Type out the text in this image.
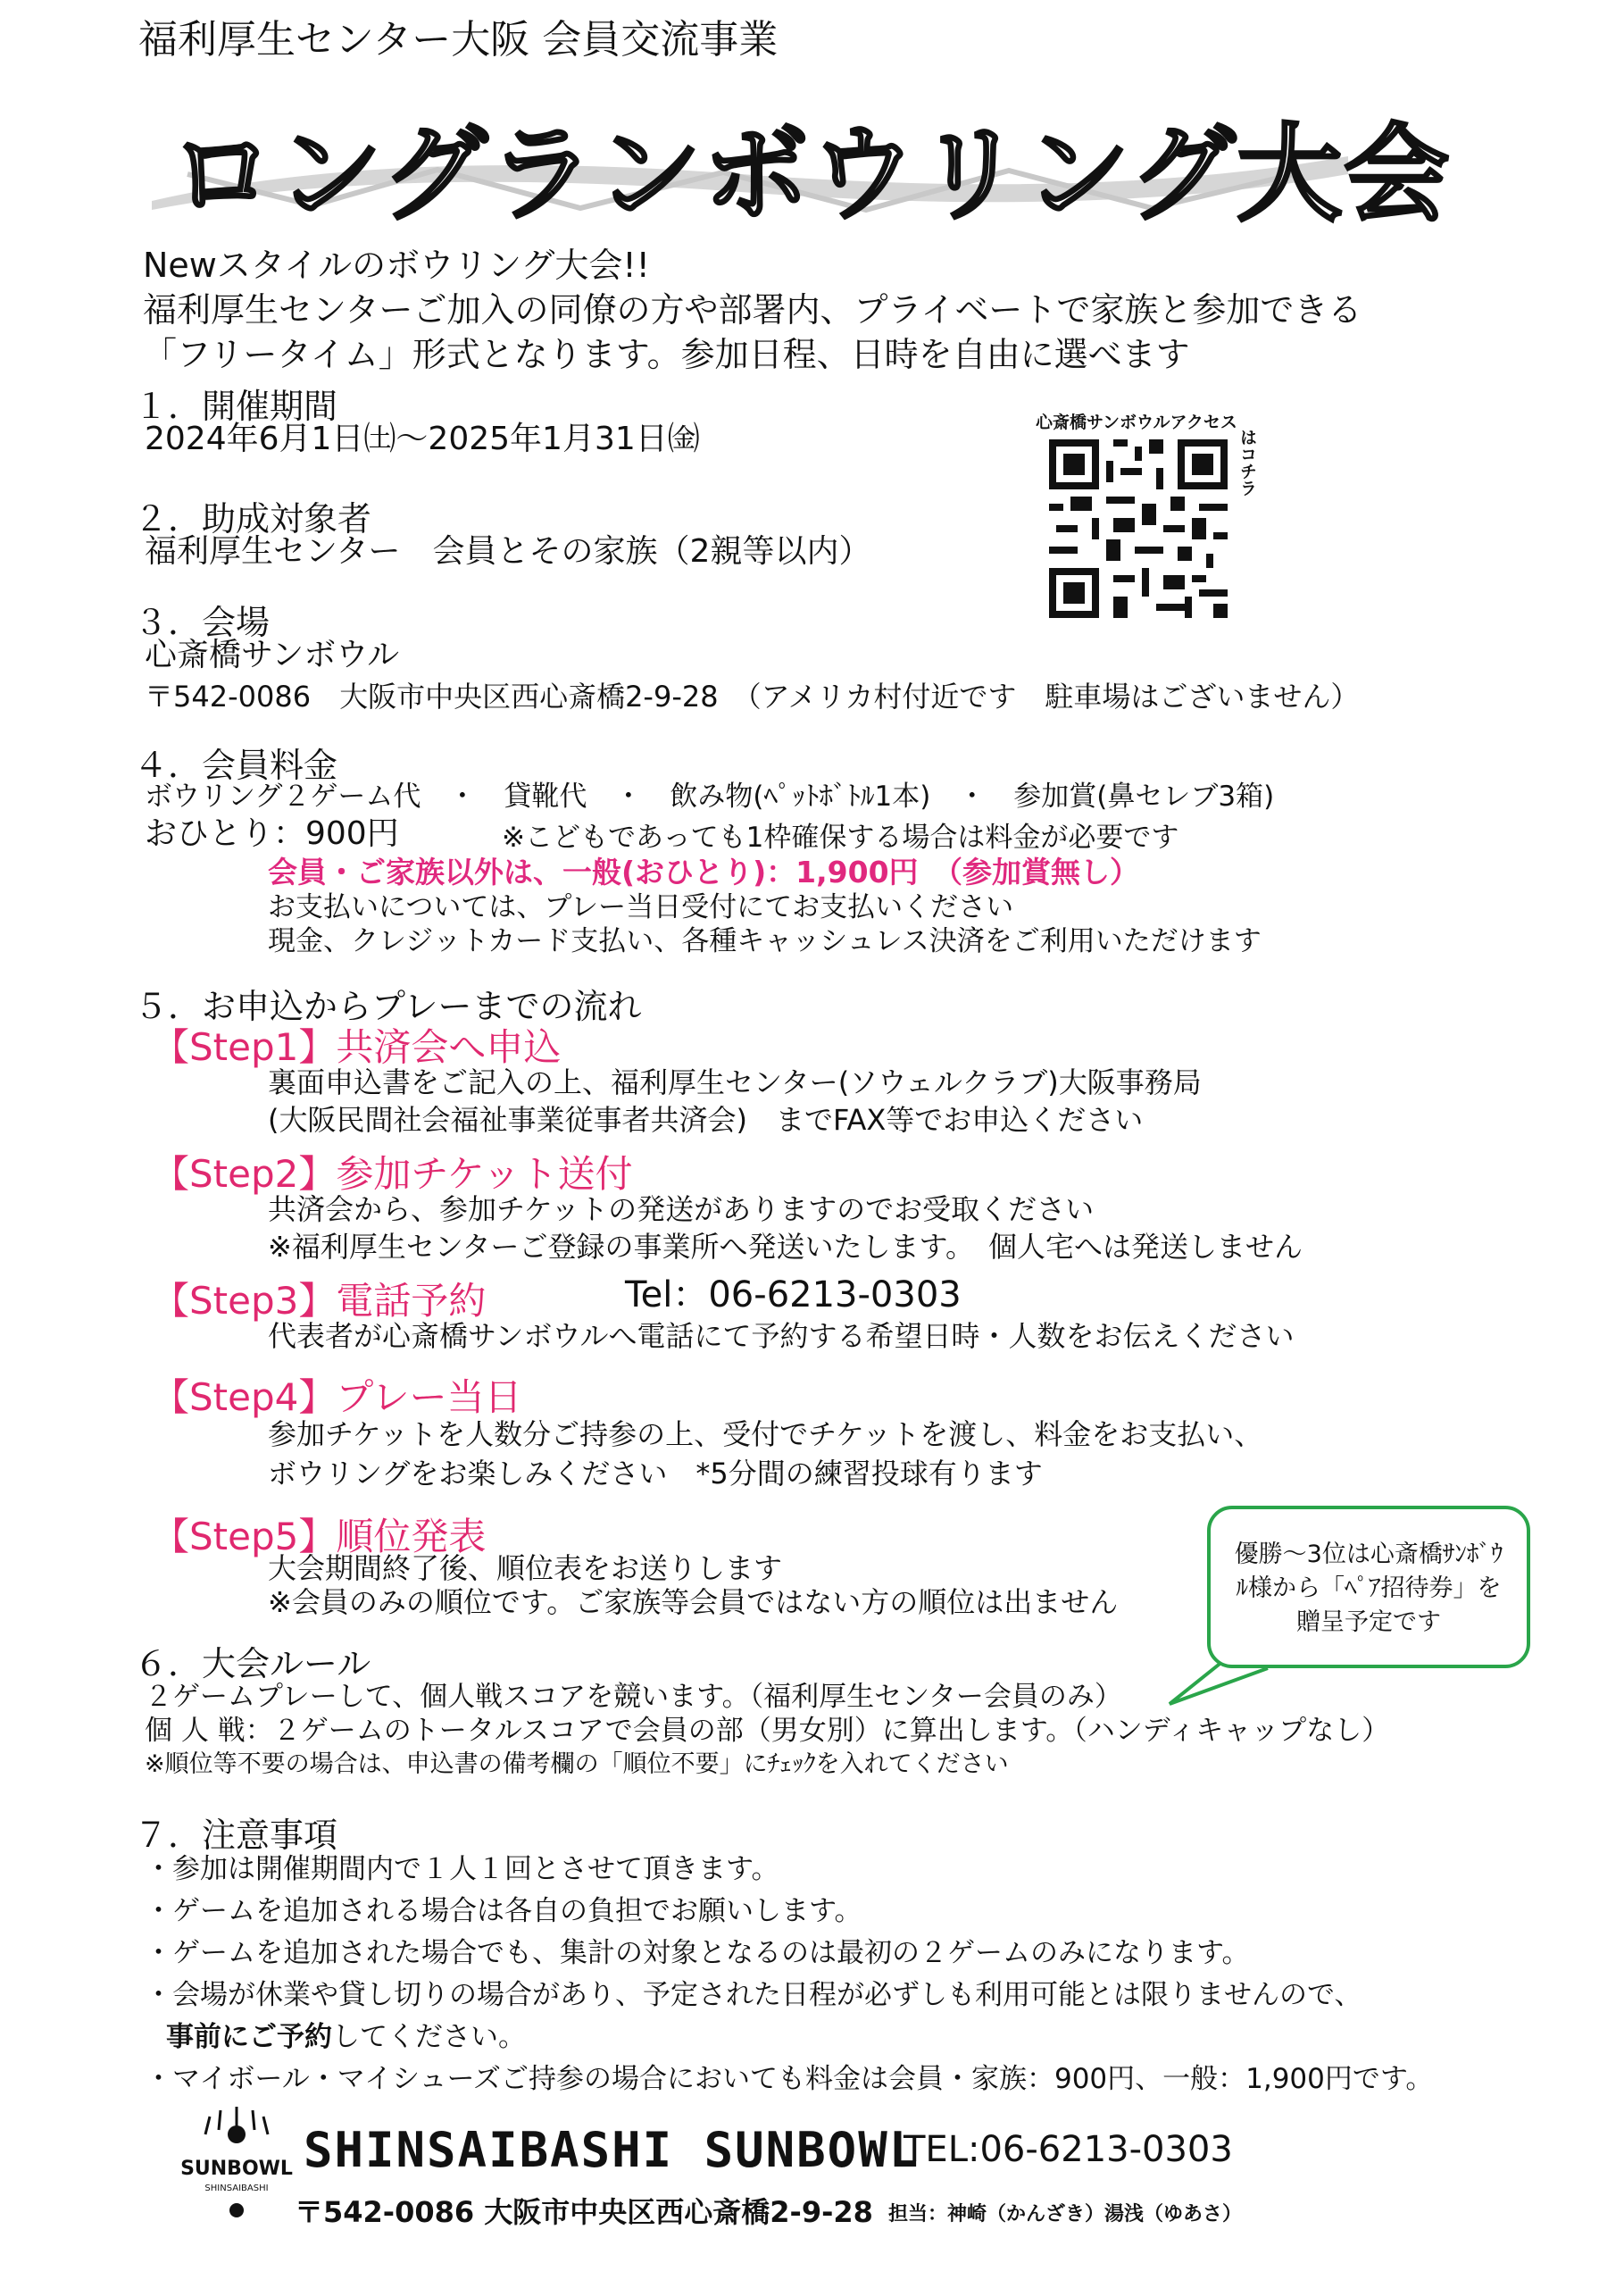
福利厚生センター大阪 会員交流事業
ロングランボウリング大会
Newスタイルのボウリング大会!!
福利厚生センターご加入の同僚の方や部署内、プライベートで家族と参加できる
「フリータイム」形式となります。参加日程、日時を自由に選べます
１．開催期間
2024年6月1日㈯～2025年1月31日㈮	心斎橋サンボウルアクセス
はコチラ
２．助成対象者
福利厚生センター　会員とその家族（2親等以内）
３．会場
心斎橋サンボウル
〒542-0086　大阪市中央区西心斎橋2-9-28　（アメリカ村付近です　駐車場はございません）
４．会員料金
ボウリング２ゲーム代　・　貸靴代　・　飲み物(ﾍﾟｯﾄﾎﾞﾄﾙ1本)　・　参加賞(鼻セレブ3箱)
おひとり：900円	※こどもであっても1枠確保する場合は料金が必要です
会員・ご家族以外は、一般(おひとり)：1,900円　（参加賞無し）
お支払いについては、プレー当日受付にてお支払いください
現金、クレジットカード支払い、各種キャッシュレス決済をご利用いただけます
５．お申込からプレーまでの流れ
【Step1】共済会へ申込
裏面申込書をご記入の上、福利厚生センター(ソウェルクラブ)大阪事務局
(大阪民間社会福祉事業従事者共済会)　までFAX等でお申込ください
【Step2】参加チケット送付
共済会から、参加チケットの発送がありますのでお受取ください
※福利厚生センターご登録の事業所へ発送いたします。　個人宅へは発送しません
【Step3】電話予約	Tel：06-6213-0303
代表者が心斎橋サンボウルへ電話にて予約する希望日時・人数をお伝えください
【Step4】プレー当日
参加チケットを人数分ご持参の上、受付でチケットを渡し、料金をお支払い、
ボウリングをお楽しみください　*5分間の練習投球有ります
【Step5】順位発表
大会期間終了後、順位表をお送りします
※会員のみの順位です。ご家族等会員ではない方の順位は出ません
優勝～3位は心斎橋ｻﾝﾎﾞｳ
ﾙ様から「ﾍﾟｱ招待券」を
贈呈予定です
６．大会ルール
２ゲームプレーして、個人戦スコアを競います。（福利厚生センター会員のみ）
個 人 戦：２ゲームのトータルスコアで会員の部（男女別）に算出します。（ハンディキャップなし）
※順位等不要の場合は、申込書の備考欄の「順位不要」にﾁｪｯｸを入れてください
７．注意事項
・参加は開催期間内で１人１回とさせて頂きます。
・ゲームを追加される場合は各自の負担でお願いします。
・ゲームを追加された場合でも、集計の対象となるのは最初の２ゲームのみになります。
・会場が休業や貸し切りの場合があり、予定された日程が必ずしも利用可能とは限りませんので、
事前にご予約してください。
・マイボール・マイシューズご持参の場合においても料金は会員・家族：900円、一般：1,900円です。
SUNBOWL
SHINSAIBASHI
SHINSAIBASHI SUNBOWL
TEL:06-6213-0303
〒542-0086 大阪市中央区西心斎橋2-9-28 担当：神崎（かんざき）湯浅（ゆあさ）
